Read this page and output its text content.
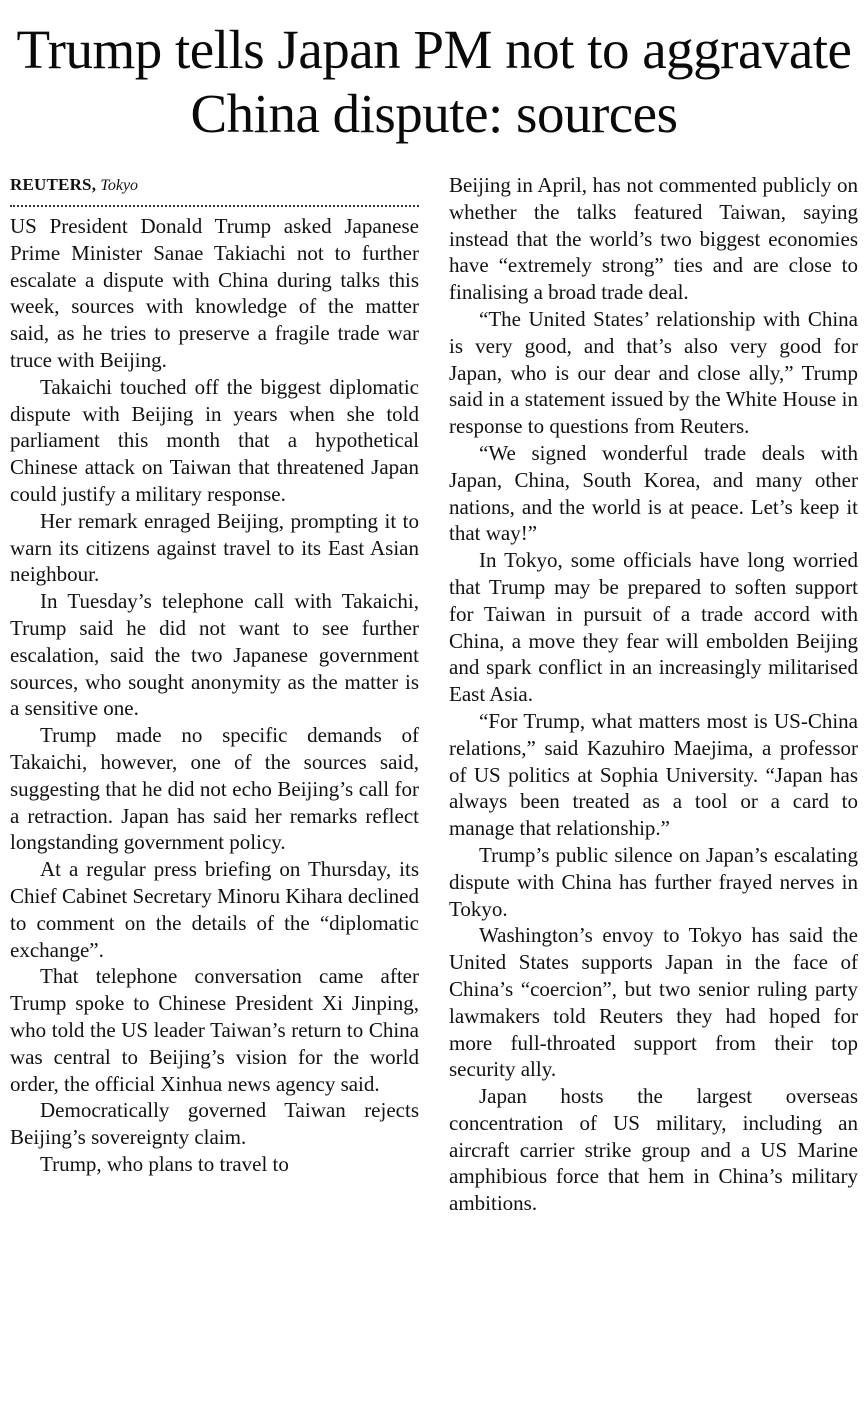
Trump tells Japan PM not to aggravate China dispute: sources
REUTERS, Tokyo

US President Donald Trump asked Japanese Prime Minister Sanae Takiachi not to further escalate a dispute with China during talks this week, sources with knowledge of the matter said, as he tries to preserve a fragile trade war truce with Beijing.

Takaichi touched off the biggest diplomatic dispute with Beijing in years when she told parliament this month that a hypothetical Chinese attack on Taiwan that threatened Japan could justify a military response.

Her remark enraged Beijing, prompting it to warn its citizens against travel to its East Asian neighbour.

In Tuesday’s telephone call with Takaichi, Trump said he did not want to see further escalation, said the two Japanese government sources, who sought anonymity as the matter is a sensitive one.

Trump made no specific demands of Takaichi, however, one of the sources said, suggesting that he did not echo Beijing’s call for a retraction. Japan has said her remarks reflect longstanding government policy.

At a regular press briefing on Thursday, its Chief Cabinet Secretary Minoru Kihara declined to comment on the details of the “diplomatic exchange”.

That telephone conversation came after Trump spoke to Chinese President Xi Jinping, who told the US leader Taiwan’s return to China was central to Beijing’s vision for the world order, the official Xinhua news agency said.

Democratically governed Taiwan rejects Beijing’s sovereignty claim.

Trump, who plans to travel to

Beijing in April, has not commented publicly on whether the talks featured Taiwan, saying instead that the world’s two biggest economies have “extremely strong” ties and are close to finalising a broad trade deal.

“The United States’ relationship with China is very good, and that’s also very good for Japan, who is our dear and close ally,” Trump said in a statement issued by the White House in response to questions from Reuters.

“We signed wonderful trade deals with Japan, China, South Korea, and many other nations, and the world is at peace. Let’s keep it that way!”

In Tokyo, some officials have long worried that Trump may be prepared to soften support for Taiwan in pursuit of a trade accord with China, a move they fear will embolden Beijing and spark conflict in an increasingly militarised East Asia.

“For Trump, what matters most is US-China relations,” said Kazuhiro Maejima, a professor of US politics at Sophia University. “Japan has always been treated as a tool or a card to manage that relationship.”

Trump’s public silence on Japan’s escalating dispute with China has further frayed nerves in Tokyo.

Washington’s envoy to Tokyo has said the United States supports Japan in the face of China’s “coercion”, but two senior ruling party lawmakers told Reuters they had hoped for more full-throated support from their top security ally.

Japan hosts the largest overseas concentration of US military, including an aircraft carrier strike group and a US Marine amphibious force that hem in China’s military ambitions.
